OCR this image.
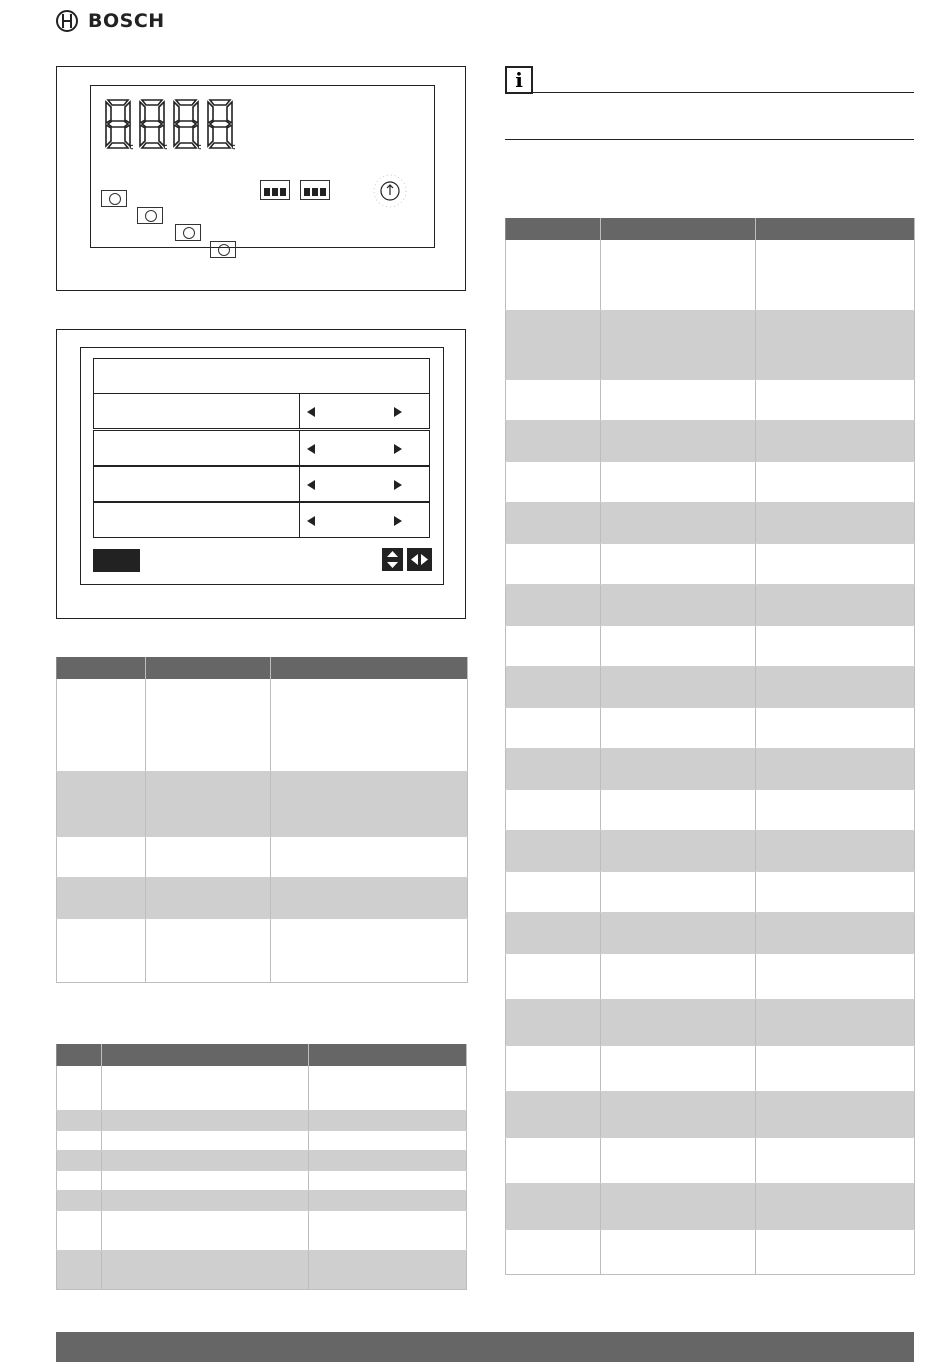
BOSCH

i
